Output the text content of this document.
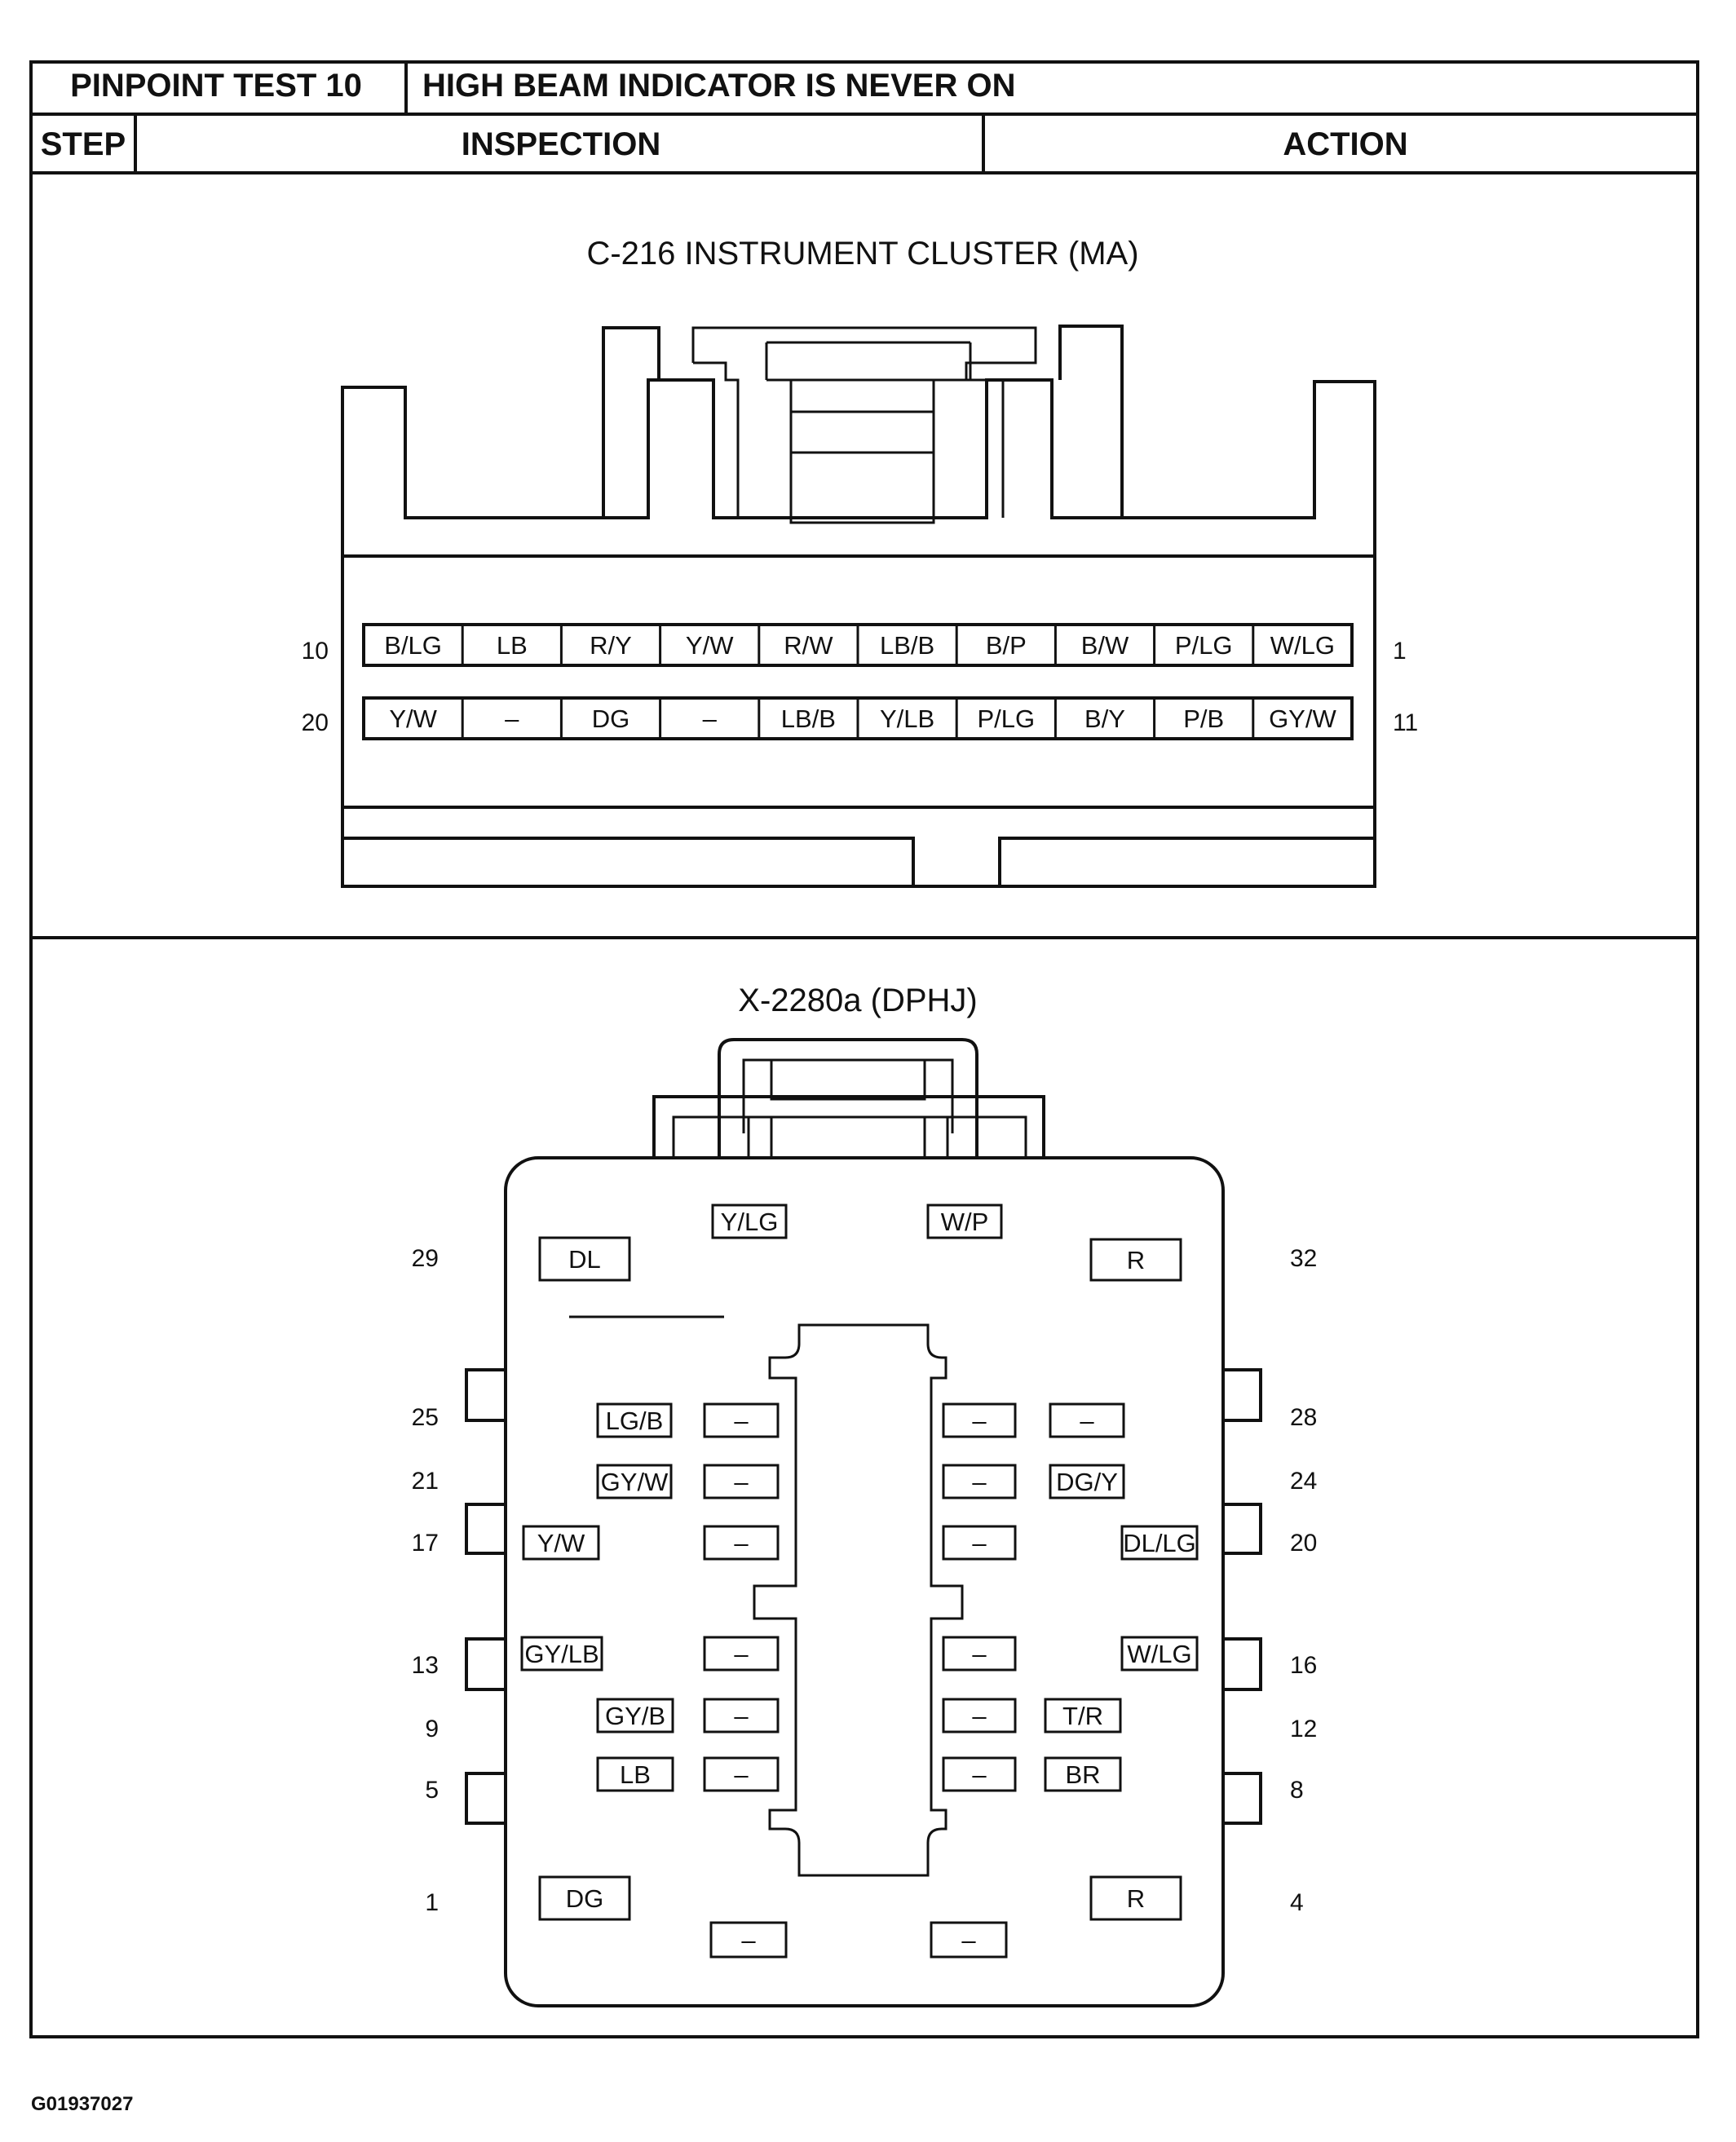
PINPOINT TEST 10 HIGH BEAM INDICATOR IS NEVER ON
STEP	INSPECTION	ACTION
C-216 INSTRUMENT CLUSTER (MA)
10	1
20	11
B/LG LB R/Y Y/W R/W LB/B B/P B/W P/LG W/LG
Y/W	–	DG	–	LB/B Y/LB P/LG B/Y P/B GY/W
X-2280a (DPHJ)
29	32
25	28
21	24
17	20
13	16
9	12
5	8
1	4
Y/LG	W/P
DL	R
DG	R
–	–
LG/B	–	–	–
GY/W	–	–	DG/Y
Y/W	–	–	DL/LG
GY/LB	–	–	W/LG
GY/B	–	–	T/R
LB	–	–	BR
G01937027
